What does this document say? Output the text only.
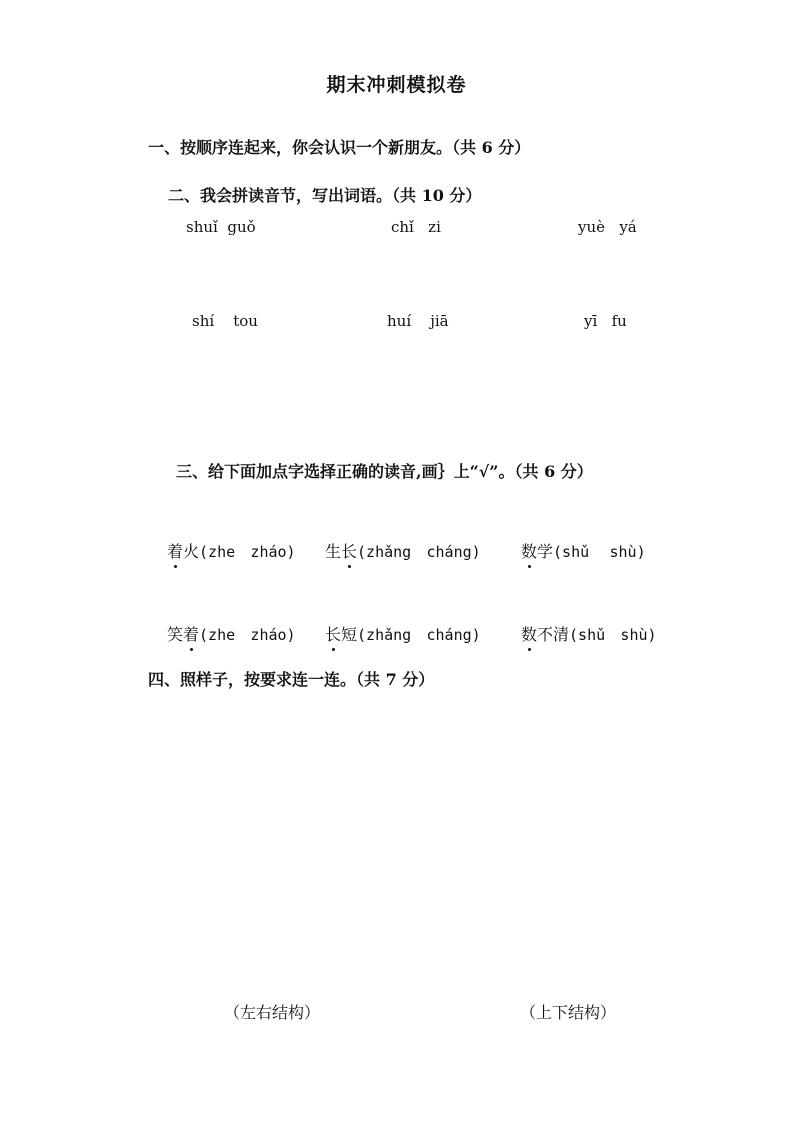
期末冲刺模拟卷
一、按顺序连起来，你会认识一个新朋友。（共 6 分）
二、我会拼读音节，写出词语。（共 10 分）
shuǐ guǒ	chǐ zi	yuè yá
shí tou	huí jiā	yī fu
三、给下面加点字选择正确的读音,画｝上“√”。（共 6 分）
着火(zhe zháo) 生长(zhǎng cháng)	数学(shǔ shù)
笑着(zhe zháo) 长短(zhǎng cháng)	数不清(shǔ shù)
四、照样子，按要求连一连。（共 7 分）
（左右结构）	（上下结构）
